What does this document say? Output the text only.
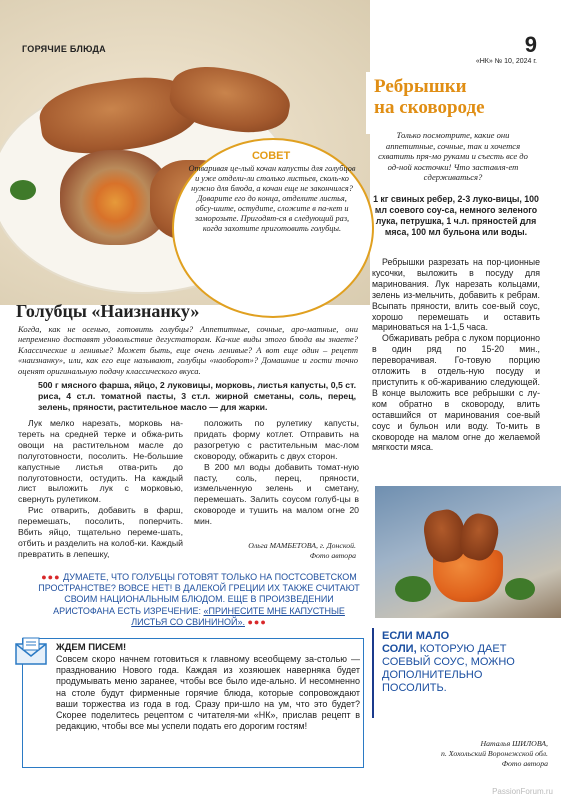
ГОРЯЧИЕ БЛЮДА	9
«НК» № 10, 2024 г.
СОВЕТ
Отваривая це-лый кочан капусты для голубцов и уже отдели-ли столько листьев, сколь-ко нужно для блюда, а кочан еще не закончился? Доварите его до конца, отделите листья, обсу-шите, остудите, сложите в па-кет и заморозьте. Пригодят-ся в следующий раз, когда захотите приготовить голубцы.
Ребрышки
на сковороде
Только посмотрите, какие они аппетитные, сочные, так и хочется схватить пря-мо руками и съесть все до од-ной косточки! Что заставля-ет сдерживаться?
1 кг свиных ребер, 2-3 луко-вицы, 100 мл соевого соу-са, немного зеленого лука, петрушка, 1 ч.л. пряностей для мяса, 100 мл бульона или воды.

Ребрышки разрезать на пор-ционные кусочки, выложить в посуду для маринования. Лук нарезать кольцами, зелень из-мельчить, добавить к ребрам. Всыпать пряности, влить сое-вый соус, хорошо перемешать и оставить мариноваться на 1-1,5 часа.

Обжаривать ребра с луком порционно в один ряд по 15-20 мин., переворачивая. Го-товую порцию отложить в отдель-ную посуду и приступить к об-жариванию следующей. В конце выложить все ребрышки с лу-ком обратно в сковороду, влить оставшийся от маринования сое-вый соус и бульон или воду. То-мить в сковороде на малом огне до желаемой мягкости мяса.

ЕСЛИ МАЛО
СОЛИ, КОТОРУЮ ДАЕТ СОЕВЫЙ СОУС, МОЖНО ДОПОЛНИТЕЛЬНО ПОСОЛИТЬ.
Наталья ШИЛОВА,
п. Хохольский Воронежской обл.
Фото автора
Голубцы «Наизнанку»
Когда, как не осенью, готовить голубцы? Аппетитные, сочные, аро-матные, они непременно доставят удовольствие дегустаторам. Ка-кие виды этого блюда вы знаете? Классические и ленивые? Может быть, еще очень ленивые? А вот еще один – рецепт «наизнанку», или, как его еще называют, голубцы «наоборот»? Домашние и гости точно оценят оригинальную подачу классического вкуса.
500 г мясного фарша, яйцо, 2 луковицы, морковь, листья капусты, 0,5 ст. риса, 4 ст.л. томатной пасты, 3 ст.л. жирной сметаны, соль, перец, зелень, пряности, растительное масло — для жарки.

Лук мелко нарезать, морковь на-тереть на средней терке и обжа-рить овощи на растительном масле до полуготовности, посолить. Не-большие капустные листья отва-рить до полуготовности, остудить. На каждый лист выложить лук с морковью, свернуть рулетиком.

Рис отварить, добавить в фарш, перемешать, посолить, поперчить. Вбить яйцо, тщательно переме-шать, отбить и разделить на колоб-ки. Каждый превратить в лепешку,

положить по рулетику капусты, придать форму котлет. Отправить на разогретую с растительным мас-лом сковороду, обжарить с двух сторон.

В 200 мл воды добавить томат-ную пасту, соль, перец, пряности, измельченную зелень и сметану, перемешать. Залить соусом голуб-цы в сковороде и тушить на малом огне 20 мин.

Ольга МАМБЕТОВА, г. Донской.
Фото автора
●●● ДУМАЕТЕ, ЧТО ГОЛУБЦЫ ГОТОВЯТ ТОЛЬКО НА ПОСТСОВЕТСКОМ ПРОСТРАНСТВЕ? ВОВСЕ НЕТ! В ДАЛЕКОЙ ГРЕЦИИ ИХ ТАКЖЕ СЧИТАЮТ СВОИМ НАЦИОНАЛЬНЫМ БЛЮДОМ. ЕЩЕ В ПРОИЗВЕДЕНИИ АРИСТОФАНА ЕСТЬ ИЗРЕЧЕНИЕ: «ПРИНЕСИТЕ МНЕ КАПУСТНЫЕ ЛИСТЬЯ СО СВИНИНОЙ». ●●●
ЖДЕМ ПИСЕМ!
Совсем скоро начнем готовиться к главному всеобщему за-столью — празднованию Нового года. Каждая из хозяюшек наверняка будет продумывать меню заранее, чтобы все было иде-ально. И несомненно на столе будут фирменные горячие блюда, которые сопровождают ваши торжества из года в год. Сразу при-шло на ум, что это будет? Скорее поделитесь рецептом с читателя-ми «НК», прислав рецепт в редакцию, чтобы все мы успели подать его дорогим гостям!
PassionForum.ru
